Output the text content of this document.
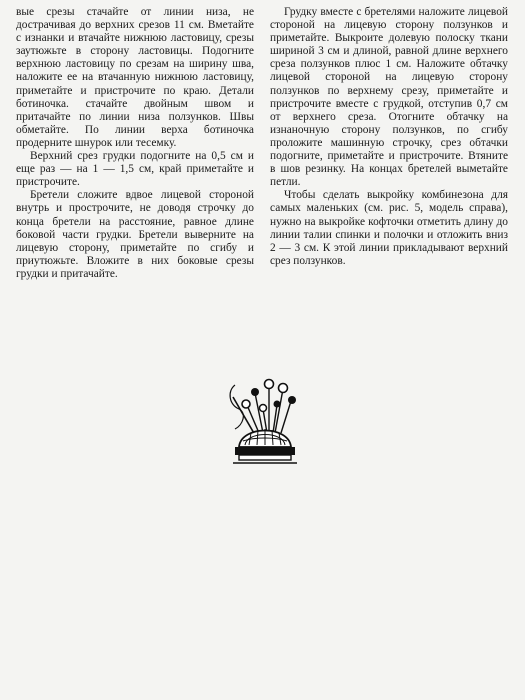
вые срезы стачайте от линии низа, не дострачивая до верхних срезов 11 см. Вметайте с изнанки и втачайте нижнюю ластовицу, срезы заутюжьте в сторону ластовицы. Подогните верхнюю ластовицу по срезам на ширину шва, наложите ее на втачанную нижнюю ластовицу, приметайте и пристрочите по краю. Детали ботиночка. стачайте двойным швом и притачайте по линии низа ползунков. Швы обметайте. По линии верха ботиночка продерните шнурок или тесемку.

Верхний срез грудки подогните на 0,5 см и еще раз — на 1 — 1,5 см, край приметайте и пристрочите.

Бретели сложите вдвое лицевой стороной внутрь и простpoчите, не доводя строчку до конца бретели на расстояние, равное длине боковой части грудки. Бретели выверните на лицевую сторону, приметайте по сгибу и приутюжьте. Вложите в них боковые срезы грудки и притачайте.

Грудку вместе с бретелями наложите лицевой стороной на лицевую сторону ползунков и приметайте. Выкроите долевую полоску ткани шириной 3 см и длиной, равной длине верхнего среза ползунков плюс 1 см. Наложите обтачку лицевой стороной на лицевую сторону ползунков по верхнему срезу, приметайте и пристрочите вместе с грудкой, отступив 0,7 см от верхнего среза. Отогните обтачку на изнаночную сторону ползунков, по сгибу проложите машинную строчку, срез обтачки подогните, приметайте и пристрочите. Втяните в шов резинку. На концах бретелей выметайте петли.

Чтобы сделать выкройку комбинезона для самых маленьких (см. рис. 5, модель справа), нужно на выкройке кофточки отметить длину до линии талии спинки и полочки и отложить вниз 2 — 3 см. К этой линии прикладывают верхний срез ползунков.
